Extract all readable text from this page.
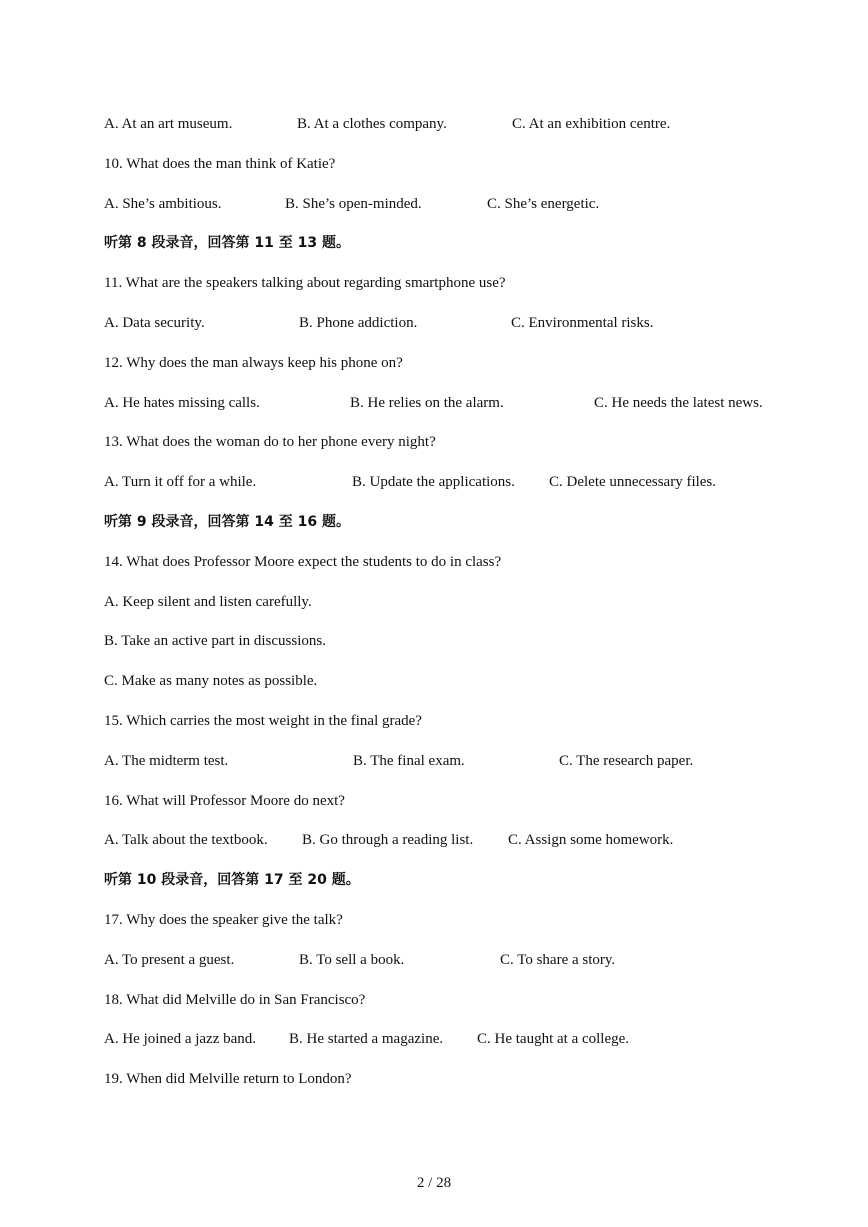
A. At an art museum.	B. At a clothes company.	C. At an exhibition centre.
10. What does the man think of Katie?
A. She’s ambitious.	B. She’s open-minded.	C. She’s energetic.
听第 8 段录音，回答第 11 至 13 题。
11. What are the speakers talking about regarding smartphone use?
A. Data security.	B. Phone addiction.	C. Environmental risks.
12. Why does the man always keep his phone on?
A. He hates missing calls.	B. He relies on the alarm.	C. He needs the latest news.
13. What does the woman do to her phone every night?
A. Turn it off for a while.	B. Update the applications. C. Delete unnecessary files.
听第 9 段录音，回答第 14 至 16 题。
14. What does Professor Moore expect the students to do in class?
A. Keep silent and listen carefully.
B. Take an active part in discussions.
C. Make as many notes as possible.
15. Which carries the most weight in the final grade?
A. The midterm test.	B. The final exam.	C. The research paper.
16. What will Professor Moore do next?
A. Talk about the textbook. B. Go through a reading list. C. Assign some homework.
听第 10 段录音，回答第 17 至 20 题。
17. Why does the speaker give the talk?
A. To present a guest.	B. To sell a book.	C. To share a story.
18. What did Melville do in San Francisco?
A. He joined a jazz band. B. He started a magazine. C. He taught at a college.
19. When did Melville return to London?
2 / 28
